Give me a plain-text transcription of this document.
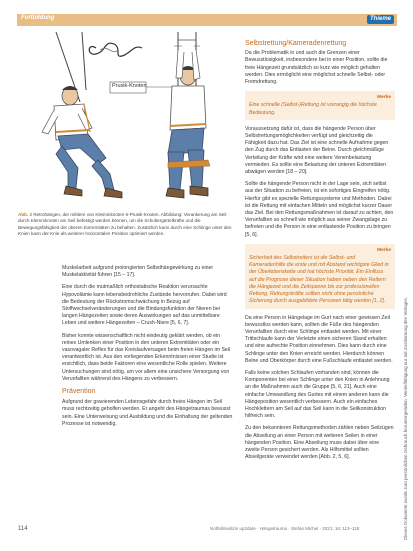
Fortbildung	Thieme
Prusik-Knoten
Abb. 2 Retrohängen, der mittlere von Kleiminknoten 6-Prusik-Knoten. Abbildung: Verankerung am Seil durch Klemmknoten am Seil befestigt werden können, um die Schultergürtelkräfte und die Bewegungsfähigkeit der oberen Extremitäten zu behalten. Zusätzlich kann durch eine Schlinge unter den Knien kann der Knie als weiterer horizontalen Position optimiert werden.

Muskelarbeit aufgrund prolongierten Selbsthängewirkung zu einer Muskelaktivität führen [15 – 17].

Eine durch die mutmaßlich orthostatische Reaktion verursachte Hypovolämie kann lebensbedrohliche Zustände hervorrufen. Dabei wird die Bedeutung der Rückstromschwächung in Bezug auf Stoffwechselveränderungen und die Bindungsfunktion der Nieren bei langen Hängezeiten sowie deren Auswirkungen auf das unmittelbare Leben und weitere Hängezeiten – Crush-Niere [5, 6, 7].

Bisher konnte wissenschaftlich nicht eindeutig geklärt werden, ob ein reines Umlenken einer Position in den unteren Extremitäten oder ein vasovagaler Reflex für das Kreislaufversagen beim freien Hängen im Seil verantwortlich ist. Aus den vorliegenden Erkenntnissen einer Studie ist ersichtlich, dass beide Faktoren eine wesentliche Rolle spielen. Weitere Untersuchungen sind nötig, um vor allem eine unsichere Versorgung von Verunfallten während des Hängens zu verbessern.

Prävention

Aufgrund der gravierenden Lebensgefahr durch freies Hängen im Seil muss rechtzeitig geholfen werden. Er angeht des Hängetraumas bewusst sein. Eine Unterweisung und Ausbildung und die Einhaltung der geltenden Prozesse ist notwendig.

Selbstrettung/Kameradenrettung

Da die Problematik in und auch die Grenzen einer Bewusstlosigkeit, insbesondere bei in einer Position, sollte die freie Hängezeit grundsätzlich so kurz wie möglich gehalten werden. Dies ermöglicht eine möglichst schnelle Selbst- oder Fremdrettung.

Merke
Eine schnelle (Selbst-)Rettung ist vorrangig die höchste Bedeutung.

Voraussetzung dafür ist, dass die hängende Person über Selbstrettungsmöglichkeiten verfügt und gleichzeitig die Fähigkeit dazu hat. Das Ziel ist eine schnelle Aufnahme gegen den Zug durch das Entlasten der Beine. Durch gleichmäßige Verteilung der Kräfte wird eine weitere Venenbelastung vermieden. Es sollte eine Belastung der unteren Extremitäten abwägen werden [18 – 20].

Sollte die hängende Person nicht in der Lage sein, sich selbst aus der Situation zu befreien, ist ein sofortiges Eingreifen nötig. Hierfür gibt es spezielle Rettungssysteme und Methoden. Dabei ist die Rettung mit einfachen Mitteln und möglichst kurzer Dauer das Ziel. Bei den Rettungsmaßnahmen ist darauf zu achten, den Verunfallten so schnell wie möglich aus seiner Zwangslage zu befreien und die Person in eine entlastende Position zu bringen [5, 6].

Merke
Sicherheit des Selbstretters ist die Selbst- und Kameradenhilfe die erste und mit Abstand wichtigste Glied in der Überlebenskette und hat höchste Priorität. Ein Einfluss auf die Prognose dieser Situation haben neben den Rettern die Hängezeit und die Zeitspanne bis zur professionellen Rettung. Rettungskräfte sollten nicht ohne persönliche Sicherung durch ausgebildete Personen tätig werden [1, 2].

Da eine Person in Hängelage im Gurt nach einer gewissen Zeit bewusstlos werden kann, sollten die Füße des hängenden Verunfallten durch eine Schlinge entlastet werden. Mit einer Trittschlaufe kann der Verletzte einen sicheren Stand erhalten und eine aufrechte Position einnehmen. Dies kann durch eine Schlinge unter den Knien erreicht werden. Hierdurch können Beine und Oberkörper durch eine Fußschlaufe entlastet werden.

Falls keine solchen Schlaufen vorhanden sind, können die Komponenten bei einer Schlinge unter den Knien in Anlehnung an die Maßnahmen auch die Gruppe [5, 6, 21]. Auch eine einfache Umwandlung des Gurtes mit einem anderen kann die Hängeposition wesentlich verbessern. Auch ein einfaches Hochklettern am Seil auf das Seil kann in die Seilkonstruktion hilfreich sein.

Zu den bekannteren Rettungsmethoden zählen neben Seilzügen die Abseilung an einer Person mit weiteren Seilen in einer hängenden Position. Eine Abseilung muss dabei über eine zweite Person gesichert werden. Als Hilfsmittel sollten Abseilgeräte verwendet werden [Abb. 2, 5, 6].

114	Notfallmedizin up2date · Hängetrauma · Stefan Michel · 2021; 16: 113–118	Dieses Dokument wurde zum persönlichen Gebrauch heruntergeladen. Vervielfältigung nur mit Zustimmung des Verlages.
